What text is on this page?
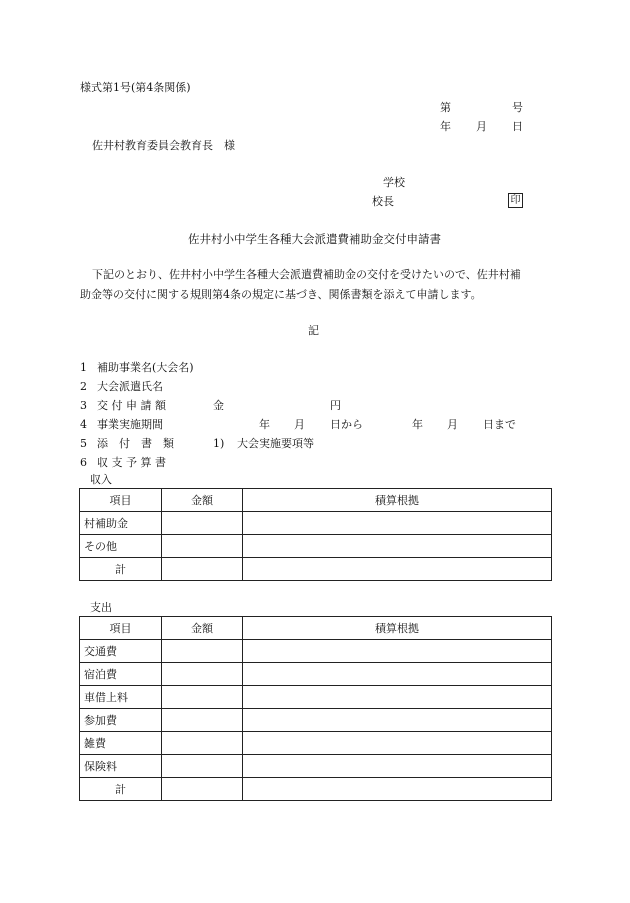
様式第1号(第4条関係)
第	号
年 月 日
佐井村教育委員会教育長　様
学校
校長	印
佐井村小中学生各種大会派遣費補助金交付申請書
下記のとおり、佐井村小中学生各種大会派遣費補助金の交付を受けたいので、佐井村補
助金等の交付に関する規則第4条の規定に基づき、関係書類を添えて申請します。
記
1 補助事業名(大会名)
2 大会派遣氏名
3 交 付 申 請 額	金	円
4 事業実施期間	年 月 日から	年 月 日まで
5 添　付　書　類	1) 大会実施要項等
6 収 支 予 算 書
収入
項目	金額	積算根拠
村補助金		
その他		
計		
支出
項目	金額	積算根拠
交通費		
宿泊費		
車借上料		
参加費		
雑費		
保険料		
計		
